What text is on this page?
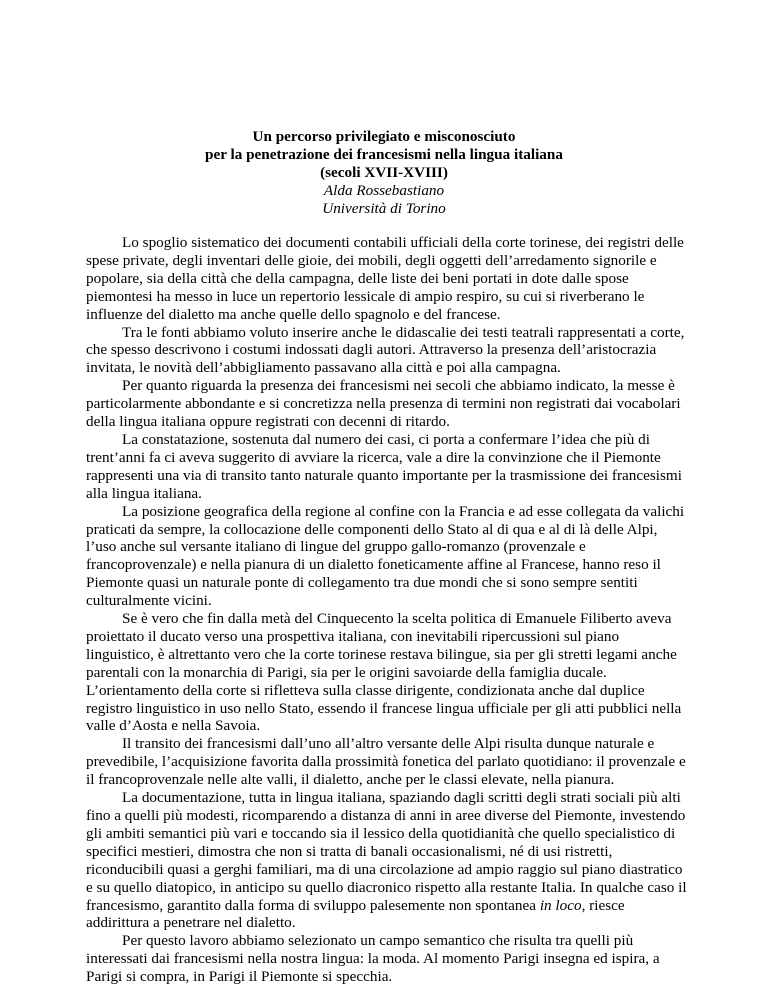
Un percorso privilegiato e misconosciuto
per la penetrazione dei francesismi nella lingua italiana
(secoli XVII-XVIII)
Alda Rossebastiano
Università di Torino

Lo spoglio sistematico dei documenti contabili ufficiali della corte torinese, dei registri delle spese private, degli inventari delle gioie, dei mobili, degli oggetti dell’arredamento signorile e popolare, sia della città che della campagna, delle liste dei beni portati in dote dalle spose piemontesi ha messo in luce un repertorio lessicale di ampio respiro, su cui si riverberano le influenze del dialetto ma anche quelle dello spagnolo e del francese.

Tra le fonti abbiamo voluto inserire anche le didascalie dei testi teatrali rappresentati a corte, che spesso descrivono i costumi indossati dagli autori. Attraverso la presenza dell’aristocrazia invitata, le novità dell’abbigliamento passavano alla città e poi alla campagna.

Per quanto riguarda la presenza dei francesismi nei secoli che abbiamo indicato, la messe è particolarmente abbondante e si concretizza nella presenza di termini non registrati dai vocabolari della lingua italiana oppure registrati con decenni di ritardo.

La constatazione, sostenuta dal numero dei casi, ci porta a confermare l’idea che più di trent’anni fa ci aveva suggerito di avviare la ricerca, vale a dire la convinzione che il Piemonte rappresenti una via di transito tanto naturale quanto importante per la trasmissione dei francesismi alla lingua italiana.

La posizione geografica della regione al confine con la Francia e ad esse collegata da valichi praticati da sempre, la collocazione delle componenti dello Stato al di qua e al di là delle Alpi, l’uso anche sul versante italiano di lingue del gruppo gallo-romanzo (provenzale e francoprovenzale) e nella pianura di un dialetto foneticamente affine al Francese, hanno reso il Piemonte quasi un naturale ponte di collegamento tra due mondi che si sono sempre sentiti culturalmente vicini.

Se è vero che fin dalla metà del Cinquecento la scelta politica di Emanuele Filiberto aveva proiettato il ducato verso una prospettiva italiana, con inevitabili ripercussioni sul piano linguistico, è altrettanto vero che la corte torinese restava bilingue, sia per gli stretti legami anche parentali con la monarchia di Parigi, sia per le origini savoiarde della famiglia ducale. L’orientamento della corte si rifletteva sulla classe dirigente, condizionata anche dal duplice registro linguistico in uso nello Stato, essendo il francese lingua ufficiale per gli atti pubblici nella valle d’Aosta e nella Savoia.

Il transito dei francesismi dall’uno all’altro versante delle Alpi risulta dunque naturale e prevedibile, l’acquisizione favorita dalla prossimità fonetica del parlato quotidiano: il provenzale e il francoprovenzale nelle alte valli, il dialetto, anche per le classi elevate, nella pianura.

La documentazione, tutta in lingua italiana, spaziando dagli scritti degli strati sociali più alti fino a quelli più modesti, ricomparendo a distanza di anni in aree diverse del Piemonte, investendo gli ambiti semantici più vari e toccando sia il lessico della quotidianità che quello specialistico di specifici mestieri, dimostra che non si tratta di banali occasionalismi, né di usi ristretti, riconducibili quasi a gerghi familiari, ma di una circolazione ad ampio raggio sul piano diastratico e su quello diatopico, in anticipo su quello diacronico rispetto alla restante Italia. In qualche caso il francesismo, garantito dalla forma di sviluppo palesemente non spontanea in loco, riesce addirittura a penetrare nel dialetto.

Per questo lavoro abbiamo selezionato un campo semantico che risulta tra quelli più interessati dai francesismi nella nostra lingua: la moda. Al momento Parigi insegna ed ispira, a Parigi si compra, in Parigi il Piemonte si specchia.
